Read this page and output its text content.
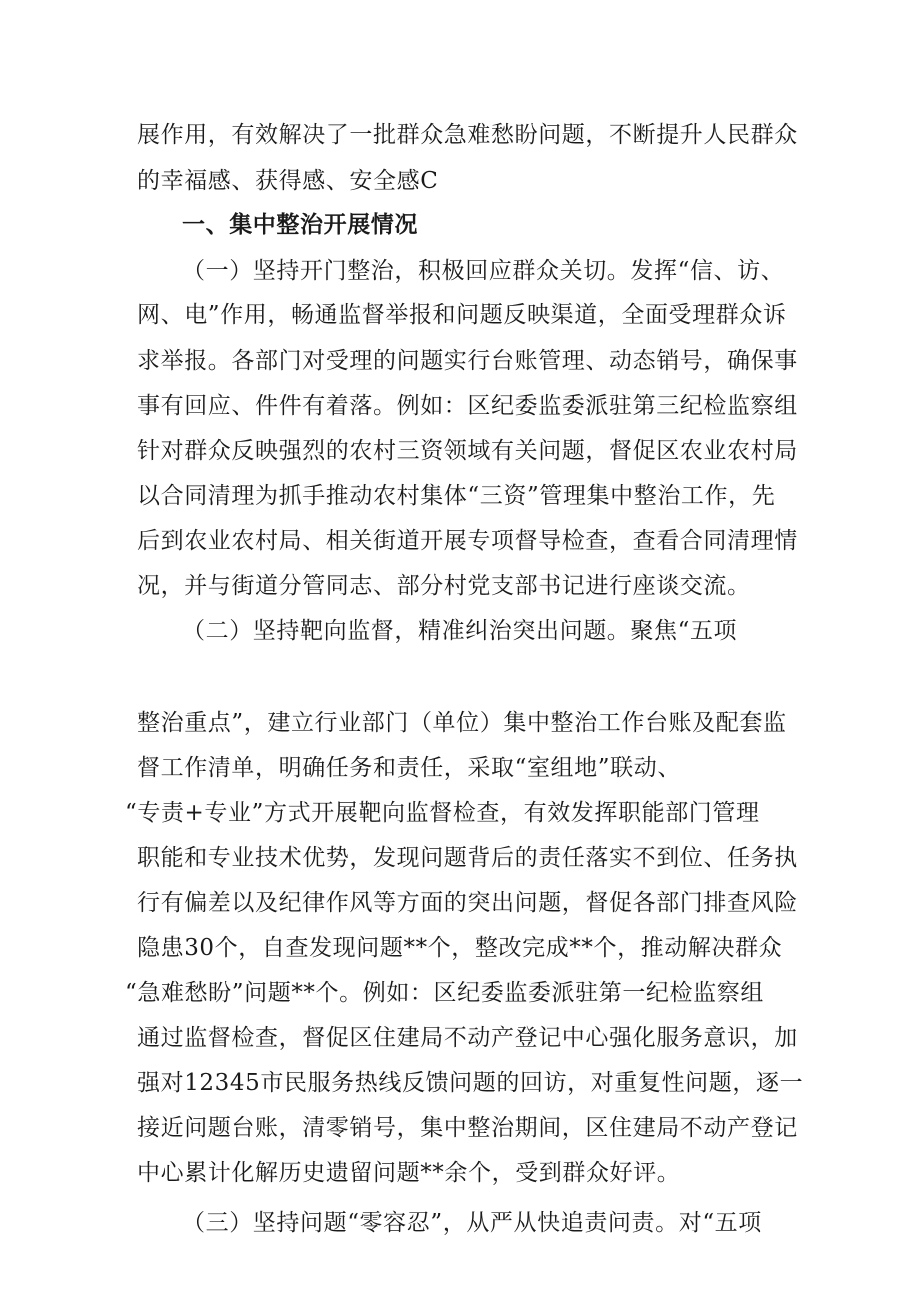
展作用，有效解决了一批群众急难愁盼问题，不断提升人民群众
的幸福感、获得感、安全感C
一、集中整治开展情况
（一）坚持开门整治，积极回应群众关切。发挥“信、访、
网、电”作用，畅通监督举报和问题反映渠道，全面受理群众诉
求举报。各部门对受理的问题实行台账管理、动态销号，确保事
事有回应、件件有着落。例如：区纪委监委派驻第三纪检监察组
针对群众反映强烈的农村三资领域有关问题，督促区农业农村局
以合同清理为抓手推动农村集体“三资”管理集中整治工作，先
后到农业农村局、相关街道开展专项督导检查，查看合同清理情
况，并与街道分管同志、部分村党支部书记进行座谈交流。
（二）坚持靶向监督，精准纠治突出问题。聚焦“五项
整治重点”，建立行业部门（单位）集中整治工作台账及配套监
督工作清单，明确任务和责任，采取“室组地”联动、
“专责+专业”方式开展靶向监督检查，有效发挥职能部门管理
职能和专业技术优势，发现问题背后的责任落实不到位、任务执
行有偏差以及纪律作风等方面的突出问题，督促各部门排查风险
隐患30个，自查发现问题**个，整改完成**个，推动解决群众
“急难愁盼”问题**个。例如：区纪委监委派驻第一纪检监察组
通过监督检查，督促区住建局不动产登记中心强化服务意识，加
强对12345市民服务热线反馈问题的回访，对重复性问题，逐一
接近问题台账，清零销号，集中整治期间，区住建局不动产登记
中心累计化解历史遗留问题**余个，受到群众好评。
（三）坚持问题“零容忍”，从严从快追责问责。对“五项
